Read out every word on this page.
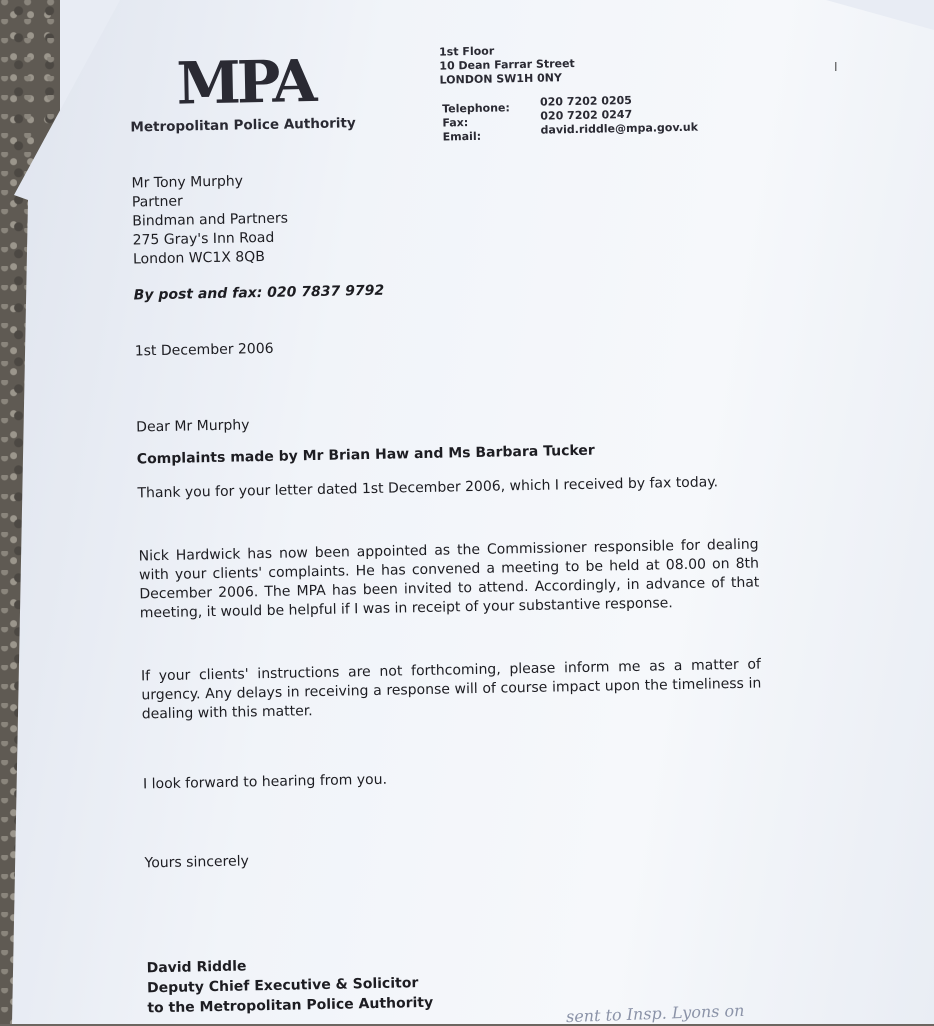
MPA
Metropolitan Police Authority
1st Floor
10 Dean Farrar Street
LONDON SW1H 0NY
Telephone:	020 7202 0205
Fax:
020 7202 0247
Email:
david.riddle@mpa.gov.uk
Mr Tony Murphy
Partner
Bindman and Partners
275 Gray's Inn Road
London WC1X 8QB
By post and fax: 020 7837 9792
1st December 2006
Dear Mr Murphy
Complaints made by Mr Brian Haw and Ms Barbara Tucker
Thank you for your letter dated 1st December 2006, which I received by fax today.
Nick Hardwick has now been appointed as the Commissioner responsible for dealing with your clients' complaints. He has convened a meeting to be held at 08.00 on 8th December 2006. The MPA has been invited to attend. Accordingly, in advance of that meeting, it would be helpful if I was in receipt of your substantive response.
If your clients' instructions are not forthcoming, please inform me as a matter of urgency. Any delays in receiving a response will of course impact upon the timeliness in dealing with this matter.
I look forward to hearing from you.
Yours sincerely
David Riddle
Deputy Chief Executive & Solicitor
to the Metropolitan Police Authority
I
sent to Insp. Lyons on
